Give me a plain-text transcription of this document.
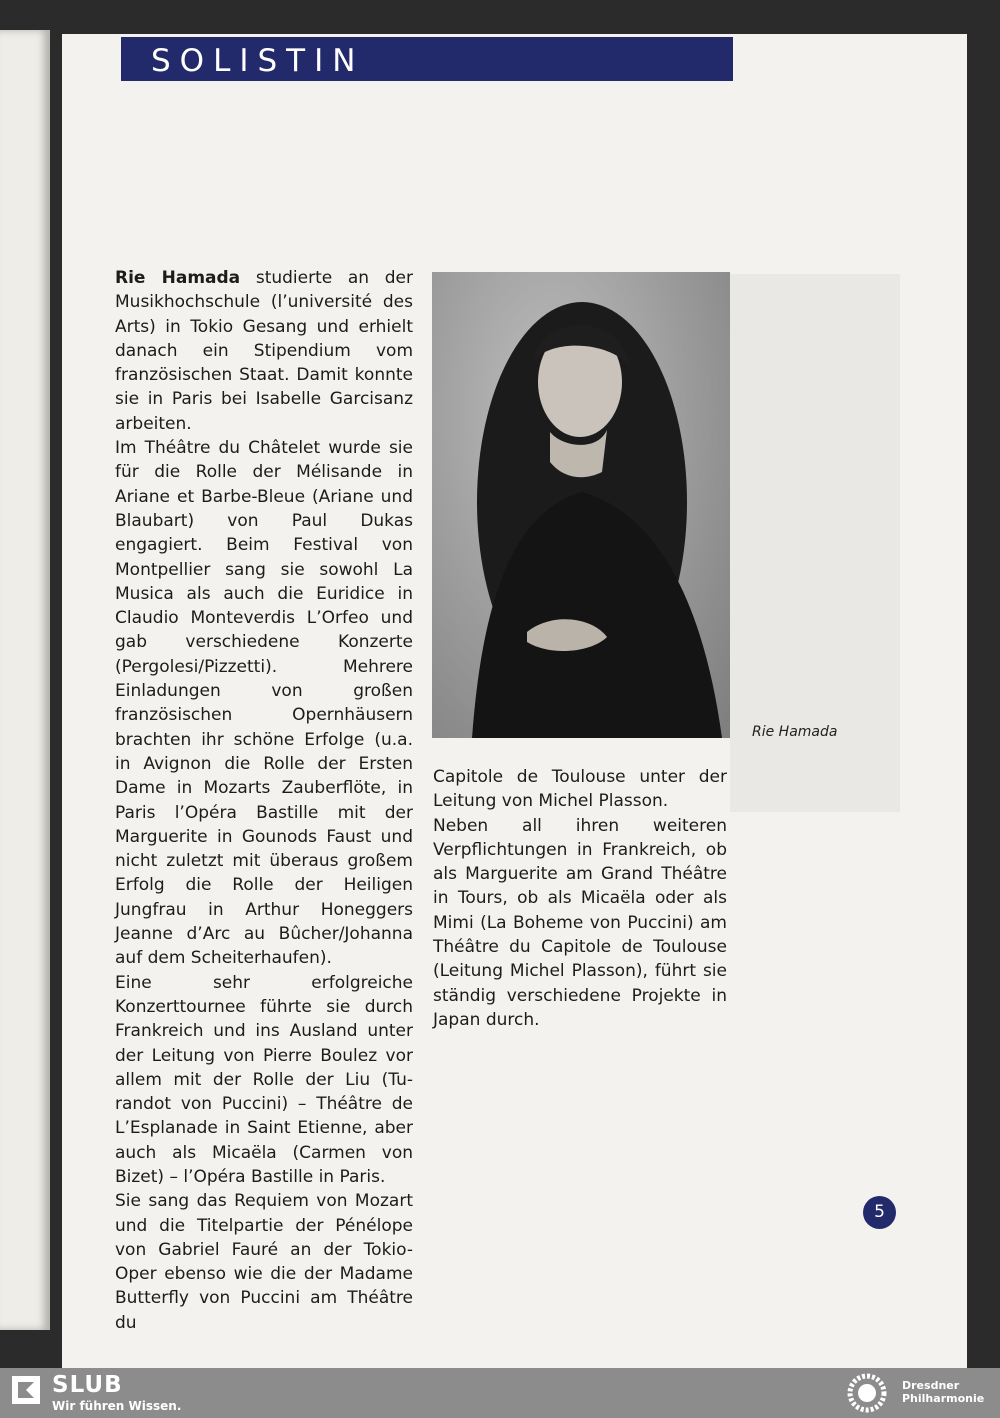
SOLISTIN
Rie Hamada

Rie Hamada studierte an der Musikhochschule (l’université des Arts) in Tokio Gesang und erhielt danach ein Stipendium vom französischen Staat. Damit konnte sie in Paris bei Isabelle Garcisanz arbeiten.

Im Théâtre du Châtelet wurde sie für die Rolle der Mélisande in Ariane et Barbe-Bleue (Ariane und Blaubart) von Paul Dukas engagiert. Beim Festival von Montpellier sang sie sowohl La Musica als auch die Euridice in Claudio Monteverdis L’Orfeo und gab verschiedene Konzerte (Pergolesi/Pizzetti). Mehrere Einladungen von großen französischen Opernhäusern brachten ihr schöne Erfolge (u.a. in Avignon die Rolle der Ersten Dame in Mozarts Zauberflöte, in Paris l’Opéra Bastille mit der Marguerite in Gounods Faust und nicht zuletzt mit überaus großem Erfolg die Rolle der Heiligen Jungfrau in Arthur Honeggers Jeanne d’Arc au Bûcher/Johanna auf dem Scheiterhaufen).

Eine sehr erfolgreiche Konzerttournee führte sie durch Frankreich und ins Ausland unter der Leitung von Pierre Boulez vor allem mit der Rolle der Liu (Tu-randot von Puccini) – Théâtre de L’Esplanade in Saint Etienne, aber auch als Micaëla (Carmen von Bizet) – l’Opéra Bastille in Paris.

Sie sang das Requiem von Mozart und die Titelpartie der Pénélope von Gabriel Fauré an der Tokio-Oper ebenso wie die der Madame Butterfly von Puccini am Théâtre du

Capitole de Toulouse unter der Leitung von Michel Plasson.

Neben all ihren weiteren Verpflichtungen in Frankreich, ob als Marguerite am Grand Théâtre in Tours, ob als Micaëla oder als Mimi (La Boheme von Puccini) am Théâtre du Capitole de Toulouse (Leitung Michel Plasson), führt sie ständig verschiedene Projekte in Japan durch.

5
SLUB
Wir führen Wissen.
Dresdner
Philharmonie
